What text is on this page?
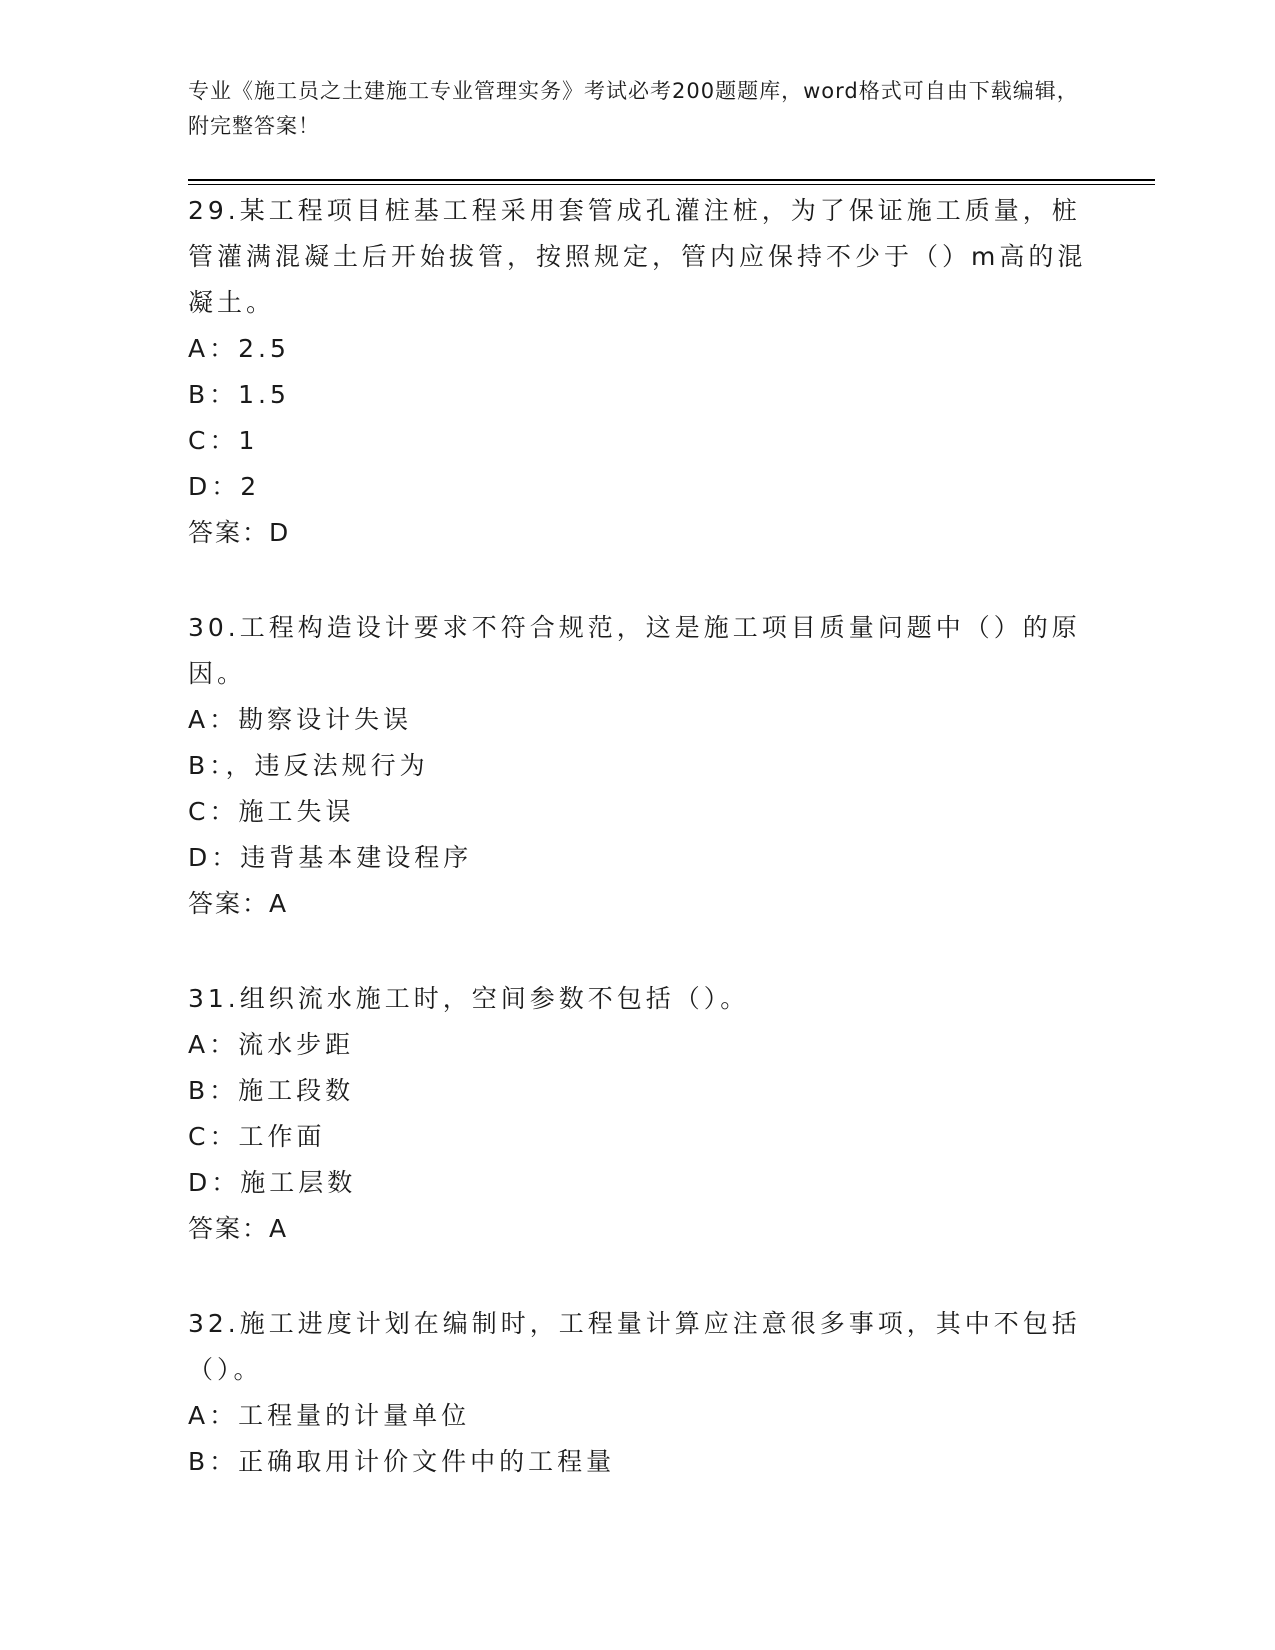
专业《施工员之土建施工专业管理实务》考试必考200题题库，word格式可自由下载编辑，附完整答案！

29.某工程项目桩基工程采用套管成孔灌注桩，为了保证施工质量，桩管灌满混凝土后开始拔管，按照规定，管内应保持不少于（）m高的混凝土。

A：2.5

B：1.5

C：1

D：2

答案：D

30.工程构造设计要求不符合规范，这是施工项目质量问题中（）的原因。

A：勘察设计失误

B：，违反法规行为

C：施工失误

D：违背基本建设程序

答案：A

31.组织流水施工时，空间参数不包括（）。

A：流水步距

B：施工段数

C：工作面

D：施工层数

答案：A

32.施工进度计划在编制时，工程量计算应注意很多事项，其中不包括（）。

A：工程量的计量单位

B：正确取用计价文件中的工程量
